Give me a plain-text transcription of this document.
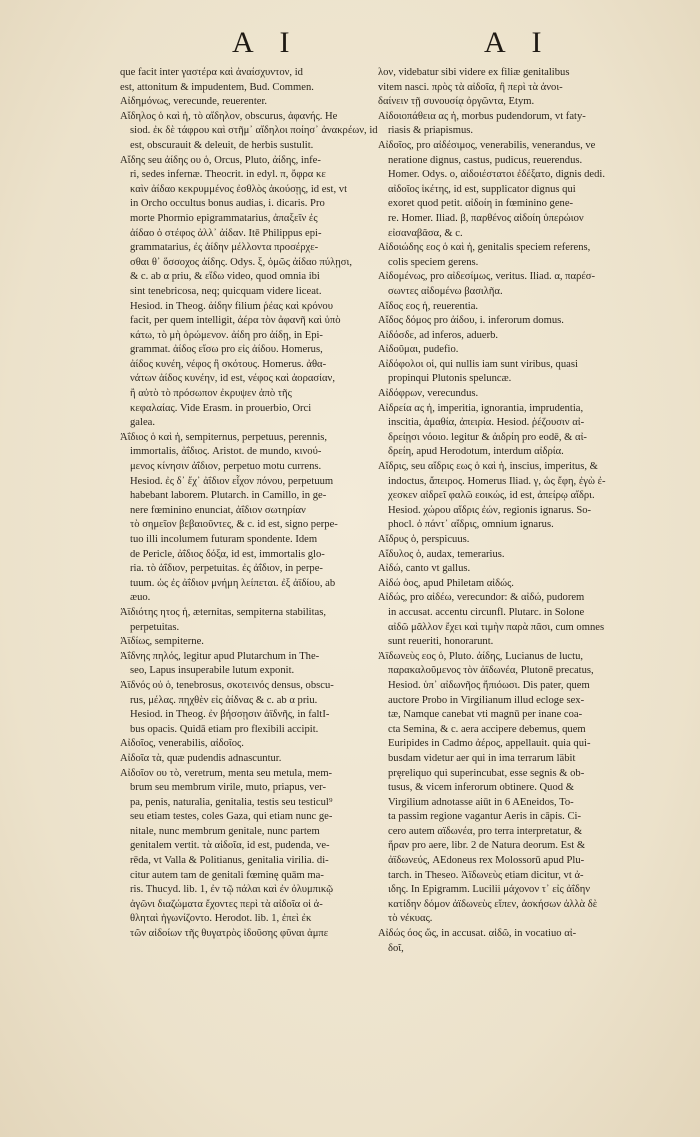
A I	A I
que facit inter γαστέρα καὶ ἀναίσχυντον, id
est, attonitum & impudentem, Bud. Commen.
Αἰδημόνως, verecunde, reuerenter.
Αἴδηλος ὁ καὶ ἡ, τὸ αἴδηλον, obscurus, ἀφανής. He
siod. ἐκ δὲ τάφρου καὶ στῆμ᾽ αἴδηλοι ποίησ᾽ ἀνακρέων, id
est, obscurauit & deleuit, de herbis sustulit.
Αἴδης seu ἀίδης ου ὁ, Orcus, Pluto, ἀίδης, infe-
ri, sedes infernæ. Theocrit. in edyl. π, ὄφρα κε
καὶν ἀίδαο κεκρυμμένος ἐσθλὸς ἀκούσῃς, id est, vt
in Orcho occultus bonus audias, i. dicaris. Pro
morte Phormio epigrammatarius, ἀπαξεῖν ἐς
ἀίδαο ὁ στέφος ἀλλ᾽ ἀίδαν. Itē Philippus epi-
grammatarius, ἐς ἀίδην μέλλοντα προσέρχε-
σθαι θ᾽ ὅσσοχος ἀίδης. Odys. ξ, ὁμῶς ἀίδαο πύλῃσι,
& c. ab α priu, & εἴδω video, quod omnia ibi
sint tenebricosa, neq; quicquam videre liceat.
Hesiod. in Theog. ἀίδην filium ῥέας καὶ κρόνου
facit, per quem intelligit, ἀέρα τὸν ἀφανῆ καὶ ὑπὸ
κάτω, τὸ μὴ ὁρώμενον. ἀίδη pro ἀίδῃ, in Epi-
grammat. ἀίδος εἴσω pro εἰς ἀίδου. Homerus,
ἀίδος κυνέη, νέφος ἢ σκότους. Homerus. ἀθα-
νάτων ἀίδος κυνέην, id est, νέφος καὶ ἀορασίαν,
ἢ αὐτὸ τὸ πρόσωπον ἐκρυψεν ἀπὸ τῆς
κεφαλαίας. Vide Erasm. in prouerbio, Orci
galea.
Ἀΐδιος ὁ καὶ ἡ, sempiternus, perpetuus, perennis,
immortalis, ἀΐδιος. Aristot. de mundo, κινού-
μενος κίνησιν ἀΐδιον, perpetuo motu currens.
Hesiod. ἐς δ᾽ ἔχ᾽ ἀΐδιον εἷχον πόνου, perpetuum
habebant laborem. Plutarch. in Camillo, in ge-
nere fœminino enunciat, ἀΐδιον σωτηρίαν
τὸ σημεῖον βεβαιοῦντες, & c. id est, signo perpe-
tuo illi incolumem futuram spondente. Idem
de Pericle, ἀΐδιος δόξα, id est, immortalis glo-
ria. τὸ ἀΐδιον, perpetuitas. ἐς ἀΐδιον, in perpe-
tuum. ὡς ἐς ἀΐδιον μνήμη λείπεται. ἐξ ἀϊδίου, ab
æuo.
Ἀϊδιότης ητος ἡ, æternitas, sempiterna stabilitas,
perpetuitas.
Ἀϊδίως, sempiterne.
Ἀΐδνης πηλός, legitur apud Plutarchum in The-
seo, Lapus insuperabile lutum exponit.
Ἀϊδνός οὐ ὁ, tenebrosus, σκοτεινός densus, obscu-
rus, μέλας. πηχθὲν εἰς ἀίδνας & c. ab α priu.
Hesiod. in Theog. ἐν βήσσῃσιν ἀϊδνῆς, in faltI-
bus opacis. Quidā etiam pro flexibili accipit.
Αἰδοῖος, venerabilis, αἰδοῖος.
Αἰδοῖα τὰ, quæ pudendis adnascuntur.
Αἰδοῖον ου τὸ, veretrum, menta seu metula, mem-
brum seu membrum virile, muto, priapus, ver-
pa, penis, naturalia, genitalia, testis seu testicul⁹
seu etiam testes, coles Gaza, qui etiam nunc ge-
nitale, nunc membrum genitale, nunc partem
genitalem vertit. τὰ αἰδοῖα, id est, pudenda, ve-
rēda, vt Valla & Politianus, genitalia virilia. di-
citur autem tam de genitali fœminę quām ma-
ris. Thucyd. lib. 1, ἐν τῷ πάλαι καὶ ἐν ὀλυμπικῷ
ἀγῶνι διαζώματα ἔχοντες περὶ τὰ αἰδοῖα οἱ ἀ-
θληταὶ ἠγωνίζοντο. Herodot. lib. 1, ἐπεὶ ἐκ
τῶν αἰδοίων τῆς θυγατρὸς ἰδοῦσης φῦναι ἀμπε
λον, videbatur sibi videre ex filiæ genitalibus
vitem nasci. πρὸς τὰ αἰδοῖα, ἢ περὶ τὰ ἀνοι-
δαίνειν τῇ συνουσίᾳ ὀργῶντα, Etym.
Αἰδοιοπάθεια ας ἡ, morbus pudendorum, vt faty-
riasis & priapismus.
Αἰδοῖος, pro αἰδέσιμος, venerabilis, venerandus, ve
neratione dignus, castus, pudicus, reuerendus.
Homer. Odys. ο, αἰδοιέστατοι ἐδέξατο, dignis dedi.
αἰδοῖος ἱκέτης, id est, supplicator dignus qui
exoret quod petit. αἰδοίη in fœminino gene-
re. Homer. Iliad. β, παρθένος αἰδοίη ὑπερώιον
εἰσαναβᾶσα, & c.
Αἰδοιώδης εος ὁ καὶ ἡ, genitalis speciem referens,
colis speciem gerens.
Αἰδομένως, pro αἰδεσίμως, veritus. Iliad. α, παρέσ-
σωντες αἰδομένω βασιλῆα.
Αἴδος εος ἡ, reuerentia.
Αἴδος δόμος pro ἀίδου, i. inferorum domus.
Αἰδόσδε, ad inferos, aduerb.
Αἰδοῦμαι, pudefio.
Αἰδόφολοι οἱ, qui nullis iam sunt viribus, quasi
propinqui Plutonis speluncæ.
Αἰδόφρων, verecundus.
Αἰδρεία ας ἡ, imperitia, ignorantia, imprudentia,
inscitia, ἀμαθία, ἀπειρία. Hesiod. ῥέζουσιν αἰ-
δρείῃσι νόοιο. legitur & ἀιδρίη pro eodē, & αἰ-
δρείη, apud Herodotum, interdum αἰδρία.
Αἴδρις, seu αἴδρις εως ὁ καὶ ἡ, inscius, imperitus, &
indoctus, ἄπειρος. Homerus Iliad. γ, ὡς ἔφη, ἐγὼ ἐ-
χεσκεν αἰδρεῖ φαλῶ εοικώς, id est, ἀπείρῳ αἴδρι.
Hesiod. χώρου αἴδρις ἐών, regionis ignarus. So-
phocl. ὁ πάντ᾽ αἴδρις, omnium ignarus.
Αἴδρυς ὁ, perspicuus.
Αἴδυλος ὁ, audax, temerarius.
Αἰδώ, canto vt gallus.
Αἰδώ ὀος, apud Philetam αἰδώς.
Αἰδώς, pro αἰδέω, verecundor: & αἰδώ, pudorem
in accusat. accentu circunfl. Plutarc. in Solone
αἰδῶ μᾶλλον ἔχει καὶ τιμὴν παρὰ πᾶσι, cum omnes
sunt reueriti, honorarunt.
Ἀϊδωνεὺς εος ὁ, Pluto. ἀίδης, Lucianus de luctu,
παρακαλοῦμενος τὸν ἀϊδωνέα, Plutonē precatus,
Hesiod. ὑπ᾽ αἰδωνῆος ἤπιόωσι. Dis pater, quem
auctore Probo in Virgilianum illud ecloge sex-
tæ, Namque canebat vti magnū per inane coa-
cta Semina, & c. aera accipere debemus, quem
Euripides in Cadmo ἀέρος, appellauit. quia qui-
busdam videtur aer qui in ima terrarum läbit
pręreliquo qui superincubat, esse segnis & ob-
tusus, & vicem inferorum obtinere. Quod &
Virgilium adnotasse aiūt in 6 AEneidos, To-
ta passim regione vagantur Aeris in cāpis. Ci-
cero autem αϊδωνέα, pro terra interpretatur, &
ἥραν pro aere, libr. 2 de Natura deorum. Est &
ἀϊδωνεύς, AEdoneus rex Molossorū apud Plu-
tarch. in Theseo. Ἀϊδωνεὺς etiam dicitur, vt ἀ-
ιδης. In Epigramm. Lucilii μάχονον τ᾽ εἰς ἀΐδην
κατίδην δόμον ἀϊδωνεὺς εἴπεν, ἀσκήσων ἀλλὰ δὲ
τὸ νέκυας.
Αἰδώς όος ὥς, in accusat. αἰδῶ, in vocatiuo αἰ-
δοῖ,
